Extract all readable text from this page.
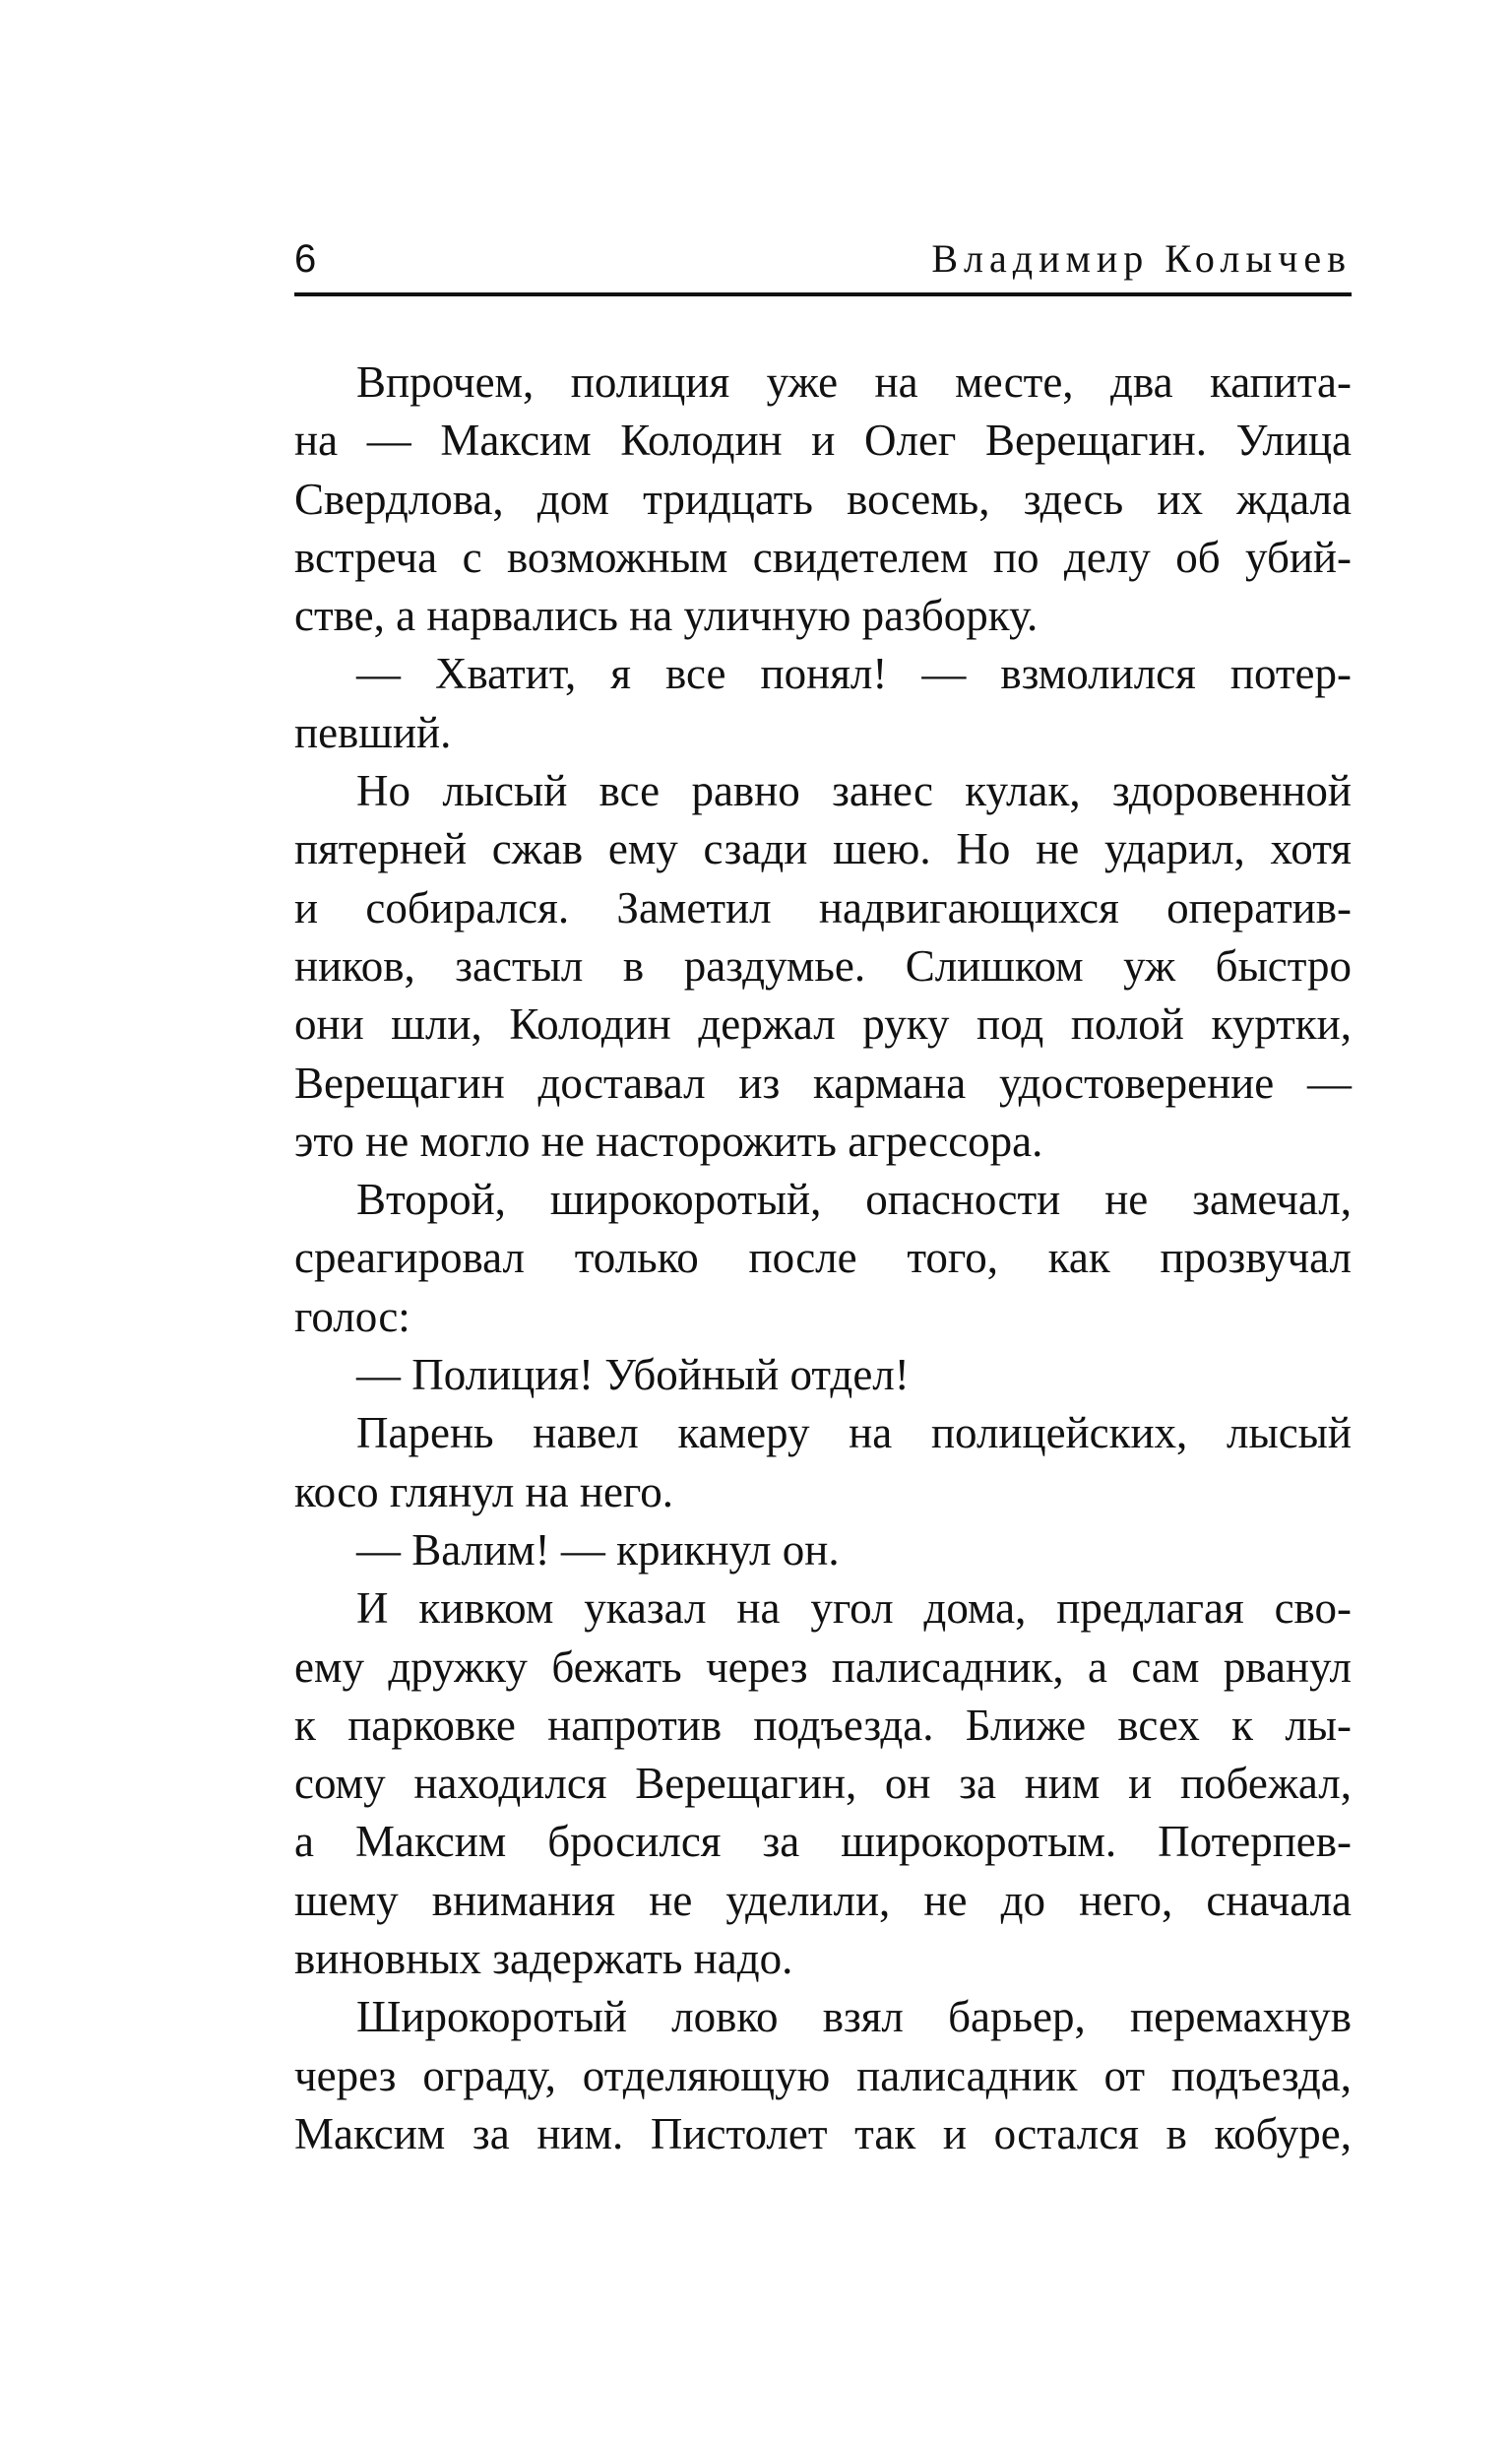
6	Владимир Колычев
Впрочем, полиция уже на месте, два капита-
на — Максим Колодин и Олег Верещагин. Улица
Свердлова, дом тридцать восемь, здесь их ждала
встреча с возможным свидетелем по делу об убий-
стве, а нарвались на уличную разборку.
— Хватит, я все понял! — взмолился потер-
певший.
Но лысый все равно занес кулак, здоровенной
пятерней сжав ему сзади шею. Но не ударил, хотя
и собирался. Заметил надвигающихся оператив-
ников, застыл в раздумье. Слишком уж быстро
они шли, Колодин держал руку под полой куртки,
Верещагин доставал из кармана удостоверение —
это не могло не насторожить агрессора.
Второй, широкоротый, опасности не замечал,
среагировал только после того, как прозвучал
голос:
— Полиция! Убойный отдел!
Парень навел камеру на полицейских, лысый
косо глянул на него.
— Валим! — крикнул он.
И кивком указал на угол дома, предлагая сво-
ему дружку бежать через палисадник, а сам рванул
к парковке напротив подъезда. Ближе всех к лы-
сому находился Верещагин, он за ним и побежал,
а Максим бросился за широкоротым. Потерпев-
шему внимания не уделили, не до него, сначала
виновных задержать надо.
Широкоротый ловко взял барьер, перемахнув
через ограду, отделяющую палисадник от подъезда,
Максим за ним. Пистолет так и остался в кобуре,
